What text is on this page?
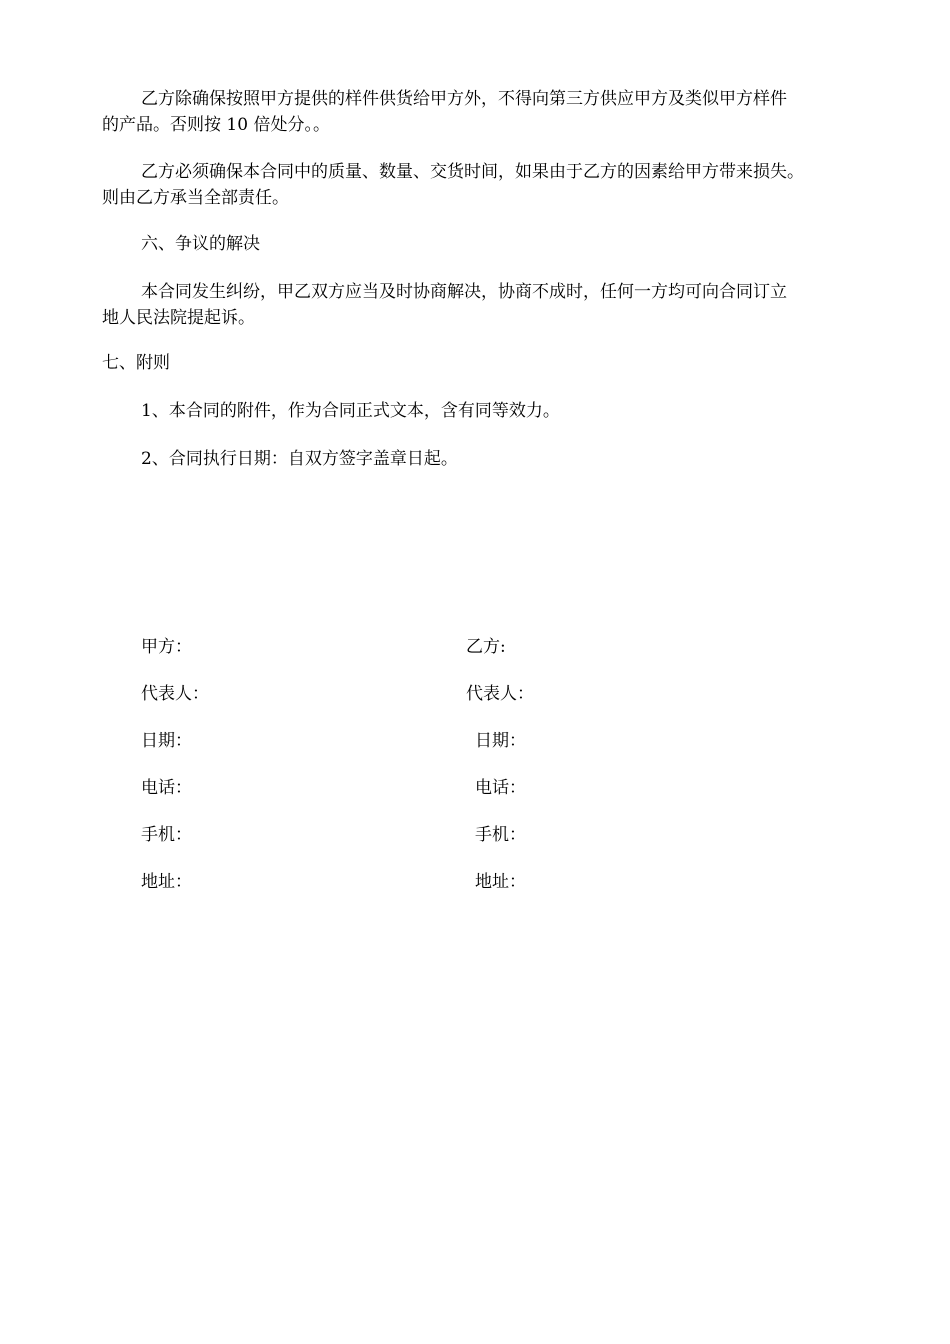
乙方除确保按照甲方提供的样件供货给甲方外，不得向第三方供应甲方及类似甲方样件
的产品。否则按 10 倍处分。。
乙方必须确保本合同中的质量、数量、交货时间，如果由于乙方的因素给甲方带来损失。
则由乙方承当全部责任。
六、争议的解决
本合同发生纠纷，甲乙双方应当及时协商解决，协商不成时，任何一方均可向合同订立
地人民法院提起诉。
七、附则
1、本合同的附件，作为合同正式文本，含有同等效力。
2、合同执行日期：自双方签字盖章日起。
甲方：
代表人：
日期：
电话：
手机：
地址：
乙方:
代表人：
日期：
电话：
手机：
地址：
